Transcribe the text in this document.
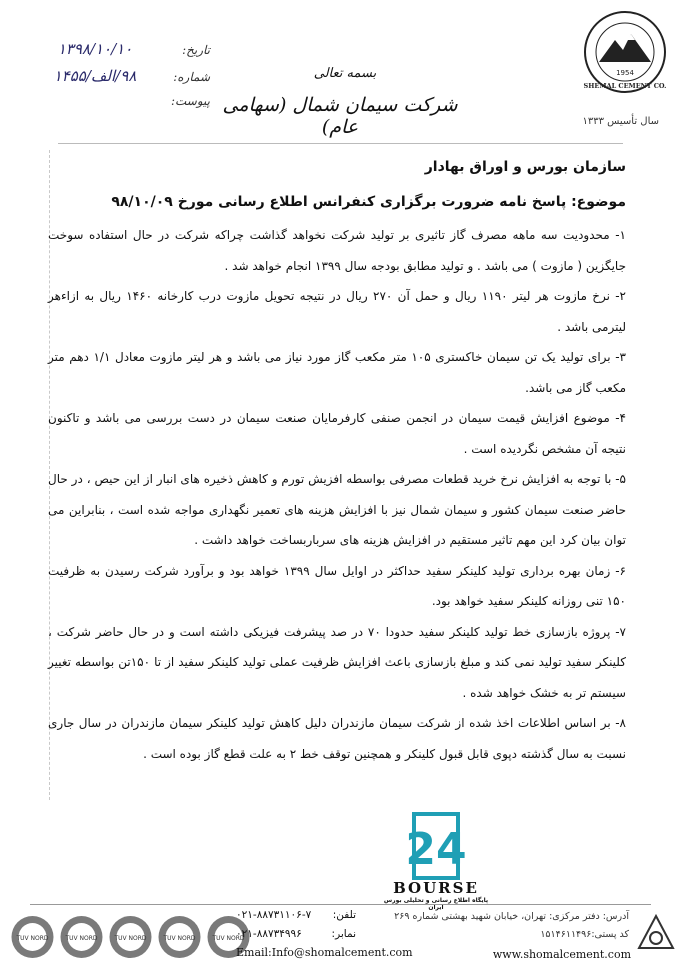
1954
SHEMAL CEMENT CO.
سال تأسیس ۱۳۳۳
بسمه تعالی
شرکت سیمان شمال (سهامی عام)
تاریخ:
۱۳۹۸/۱۰/۱۰
شماره:
۹۸/الف/۱۴۵۵
پیوست:
سازمان بورس و اوراق بهادار
موضوع: پاسخ نامه ضرورت برگزاری کنفرانس اطلاع رسانی مورخ ۹۸/۱۰/۰۹
۱- محدودیت سه ماهه مصرف گاز تاثیری بر تولید شرکت نخواهد گذاشت چراکه شرکت در حال استفاده سوخت جایگزین ( مازوت ) می باشد . و تولید مطابق بودجه سال ۱۳۹۹ انجام خواهد شد .
۲- نرخ مازوت هر لیتر ۱۱۹۰ ریال و حمل آن ۲۷۰ ریال در نتیجه تحویل مازوت درب کارخانه ۱۴۶۰ ریال به ازاءهر لیترمی باشد .
۳- برای تولید یک تن سیمان خاکستری ۱۰۵ متر مکعب گاز مورد نیاز می باشد و هر لیتر مازوت معادل ۱/۱ دهم متر مکعب گاز می باشد.
۴- موضوع افزایش قیمت سیمان در انجمن صنفی کارفرمایان صنعت سیمان در دست بررسی می باشد و تاکنون نتیجه آن مشخص نگردیده است .
۵- با توجه به افزایش نرخ خرید قطعات مصرفی بواسطه افزیش تورم و کاهش ذخیره های انبار از این حیص ، در حال حاضر صنعت سیمان کشور و سیمان شمال نیز با افزایش هزینه های تعمیر نگهداری مواجه شده است ، بنابراین می توان بیان کرد این مهم تاثیر مستقیم در افزایش هزینه های سرباربساخت خواهد داشت .
۶- زمان بهره برداری تولید کلینکر سفید حداکثر در اوایل سال ۱۳۹۹ خواهد بود و برآورد شرکت رسیدن به ظرفیت ۱۵۰ تنی روزانه کلینکر سفید خواهد بود.
۷- پروژه بازسازی خط تولید کلینکر سفید حدودا ۷۰ در صد پیشرفت فیزیکی داشته است و در حال حاضر شرکت ، کلینکر سفید تولید نمی کند و مبلغ بازسازی باعث افزایش ظرفیت عملی تولید کلینکر سفید از تا ۱۵۰تن بواسطه تغییر سیستم تر به خشک خواهد شده .
۸- بر اساس اطلاعات اخذ شده از شرکت سیمان مازندران دلیل کاهش تولید کلینکر سیمان مازندران در سال جاری نسبت به سال گذشته دپوی قابل قبول کلینکر و همچنین توقف خط ۲ به علت قطع گاز بوده است .
24
BOURSE
پایگاه اطلاع رسانی و تحلیلی بورس ایران
TUV NORD	TUV NORD	TUV NORD	TUV NORD	TUV NORD
تلفن:
۰۲۱-۸۸۷۳۱۱۰۶-۷
نمابر:
۰۲۱-۸۸۷۳۴۹۹۶
Email:Info@shomalcement.com
آدرس: دفتر مرکزی: تهران، خیابان شهید بهشتی شماره ۲۶۹
کد پستی:۱۵۱۴۶۱۱۴۹۶
www.shomalcement.com
